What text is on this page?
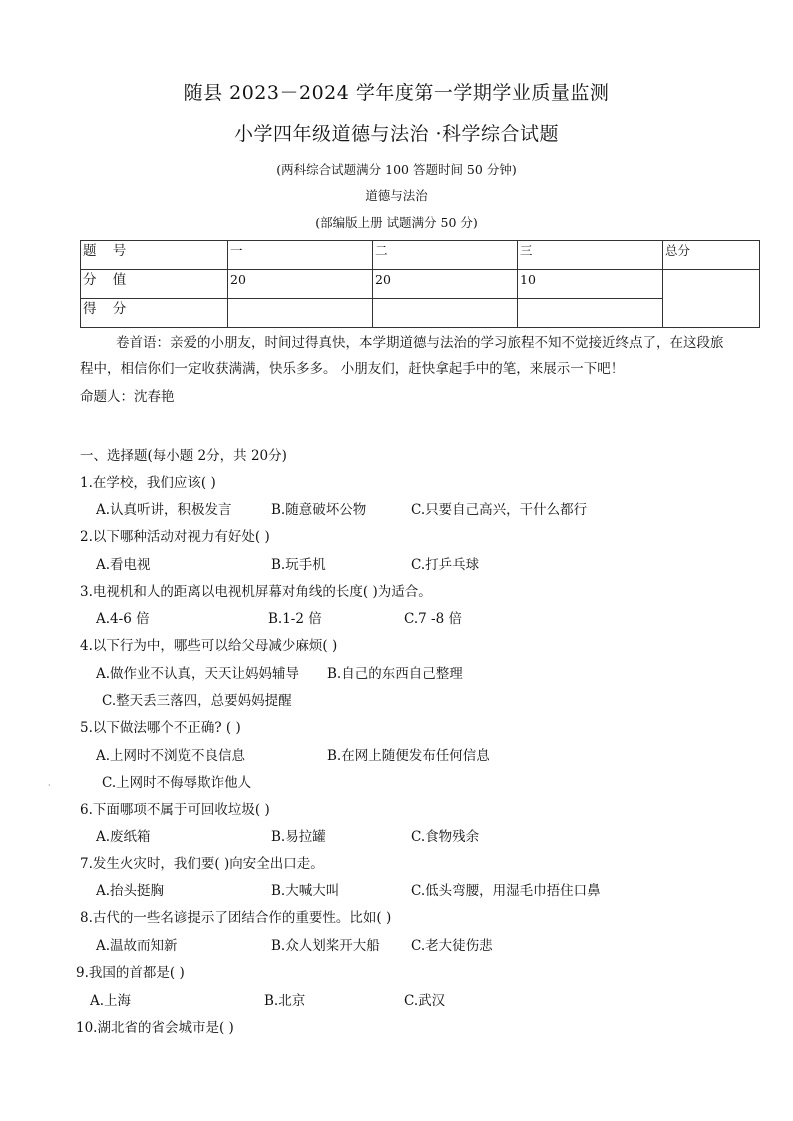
随县 2023－2024 学年度第一学期学业质量监测
小学四年级道德与法治 ·科学综合试题
(两科综合试题满分 100 答题时间 50 分钟)
道德与法治
(部编版上册 试题满分 50 分)
题 号	一	二	三	总分
分 值	20	20	10	
得 分				
卷首语：亲爱的小朋友，时间过得真快，本学期道德与法治的学习旅程不知不觉接近终点了，在这段旅程中，相信你们一定收获满满，快乐多多。 小朋友们，赶快拿起手中的笔，来展示一下吧！
命题人：沈春艳
一、选择题(每小题 2分，共 20分)
1.在学校，我们应该( )
A.认真听讲，积极发言	B.随意破坏公物	C.只要自己高兴，干什么都行
2.以下哪种活动对视力有好处( )
A.看电视	B.玩手机	C.打乒乓球
3.电视机和人的距离以电视机屏幕对角线的长度( )为适合。
A.4-6 倍	B.1-2 倍	C.7 -8 倍
4.以下行为中，哪些可以给父母减少麻烦( )
A.做作业不认真，天天让妈妈辅导 B.自己的东西自己整理
C.整天丢三落四，总要妈妈提醒
5.以下做法哪个不正确? ( )
A.上网时不浏览不良信息	B.在网上随便发布任何信息
C.上网时不侮辱欺诈他人
·
6.下面哪项不属于可回收垃圾( )
A.废纸箱	B.易拉罐	C.食物残余
7.发生火灾时，我们要( )向安全出口走。
A.抬头挺胸	B.大喊大叫	C.低头弯腰，用湿毛巾捂住口鼻
8.古代的一些名谚提示了团结合作的重要性。比如( )
A.温故而知新	B.众人划桨开大船 C.老大徒伤悲
9.我国的首都是( )
A.上海	B.北京	C.武汉
10.湖北省的省会城市是( )
